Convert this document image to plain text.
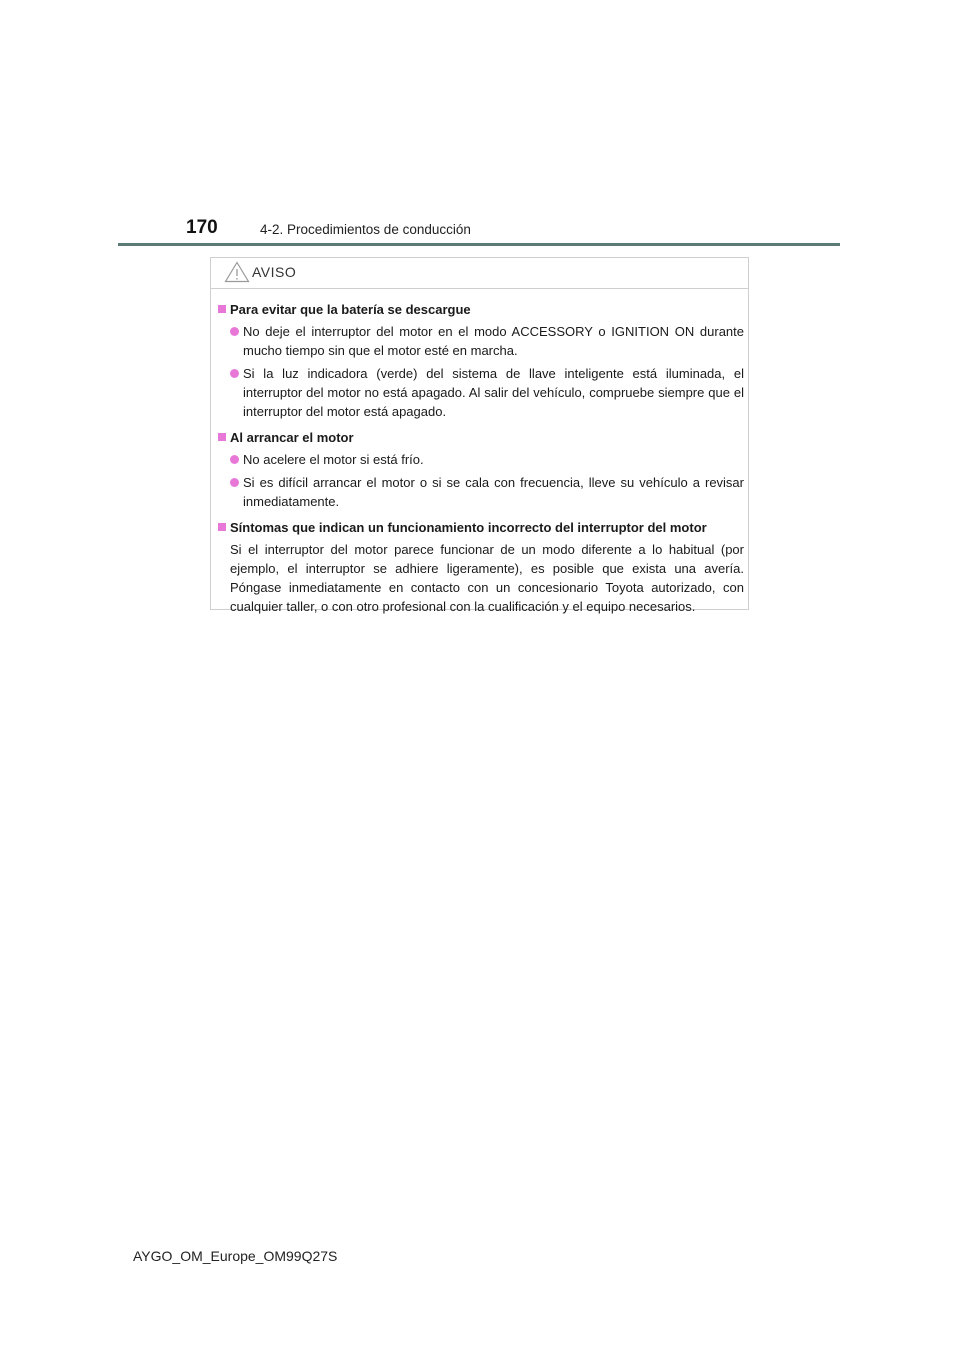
170	4-2. Procedimientos de conducción
AVISO
Para evitar que la batería se descargue
No deje el interruptor del motor en el modo ACCESSORY o IGNITION ON durante mucho tiempo sin que el motor esté en marcha.
Si la luz indicadora (verde) del sistema de llave inteligente está iluminada, el interruptor del motor no está apagado. Al salir del vehículo, compruebe siempre que el interruptor del motor está apagado.
Al arrancar el motor
No acelere el motor si está frío.
Si es difícil arrancar el motor o si se cala con frecuencia, lleve su vehículo a revisar inmediatamente.
Síntomas que indican un funcionamiento incorrecto del interruptor del motor
Si el interruptor del motor parece funcionar de un modo diferente a lo habitual (por ejemplo, el interruptor se adhiere ligeramente), es posible que exista una avería. Póngase inmediatamente en contacto con un concesionario Toyota autorizado, con cualquier taller, o con otro profesional con la cualificación y el equipo necesarios.
AYGO_OM_Europe_OM99Q27S
